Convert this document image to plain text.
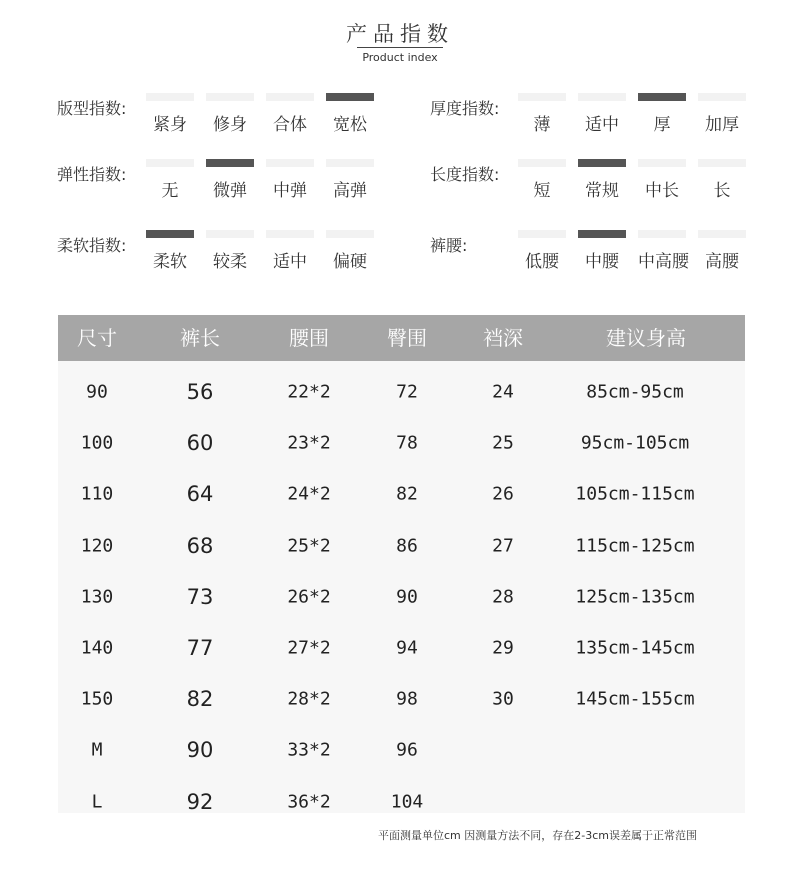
产品指数
Product index
版型指数:
紧身	修身	合体	宽松
弹性指数:
无	微弹	中弹	高弹
柔软指数:
柔软	较柔	适中	偏硬
厚度指数:
薄	适中	厚	加厚
长度指数:
短	常规	中长	长
裤腰:
低腰	中腰	中高腰 高腰
尺寸	裤长	腰围	臀围	裆深	建议身高
90	56	22*2	72	24	85cm-95cm
100	60	23*2	78	25	95cm-105cm
110	64	24*2	82	26	105cm-115cm
120	68	25*2	86	27	115cm-125cm
130	73	26*2	90	28	125cm-135cm
140	77	27*2	94	29	135cm-145cm
150	82	28*2	98	30	145cm-155cm
M	90	33*2	96
L	92	36*2	104
平面测量单位cm 因测量方法不同，存在2-3cm误差属于正常范围
